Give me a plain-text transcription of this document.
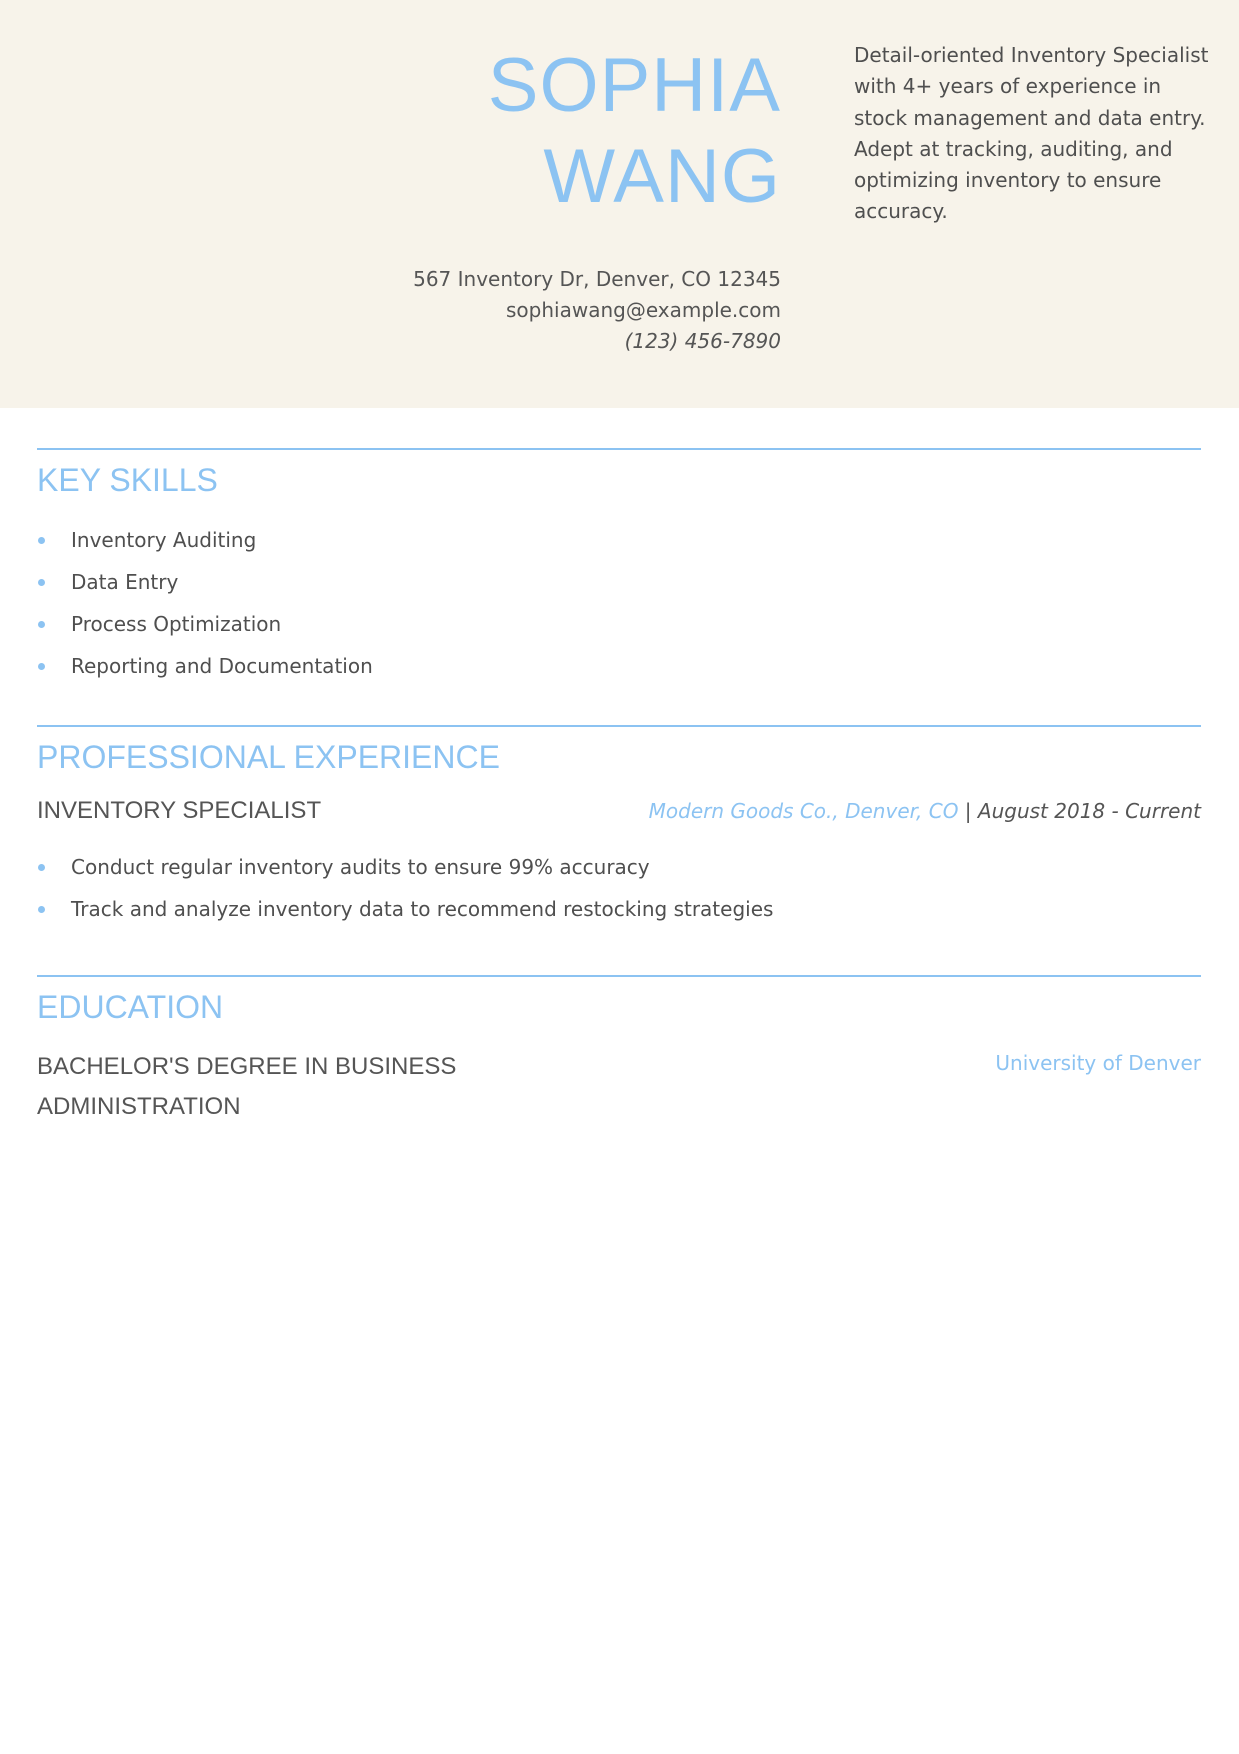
SOPHIA
WANG
567 Inventory Dr, Denver, CO 12345
sophiawang@example.com
(123) 456-7890
Detail-oriented Inventory Specialist with 4+ years of experience in stock management and data entry. Adept at tracking, auditing, and optimizing inventory to ensure accuracy.
KEY SKILLS
Inventory Auditing
Data Entry
Process Optimization
Reporting and Documentation
PROFESSIONAL EXPERIENCE
INVENTORY SPECIALIST	Modern Goods Co., Denver, CO | August 2018 - Current
Conduct regular inventory audits to ensure 99% accuracy
Track and analyze inventory data to recommend restocking strategies
EDUCATION
BACHELOR'S DEGREE IN BUSINESS ADMINISTRATION
University of Denver
